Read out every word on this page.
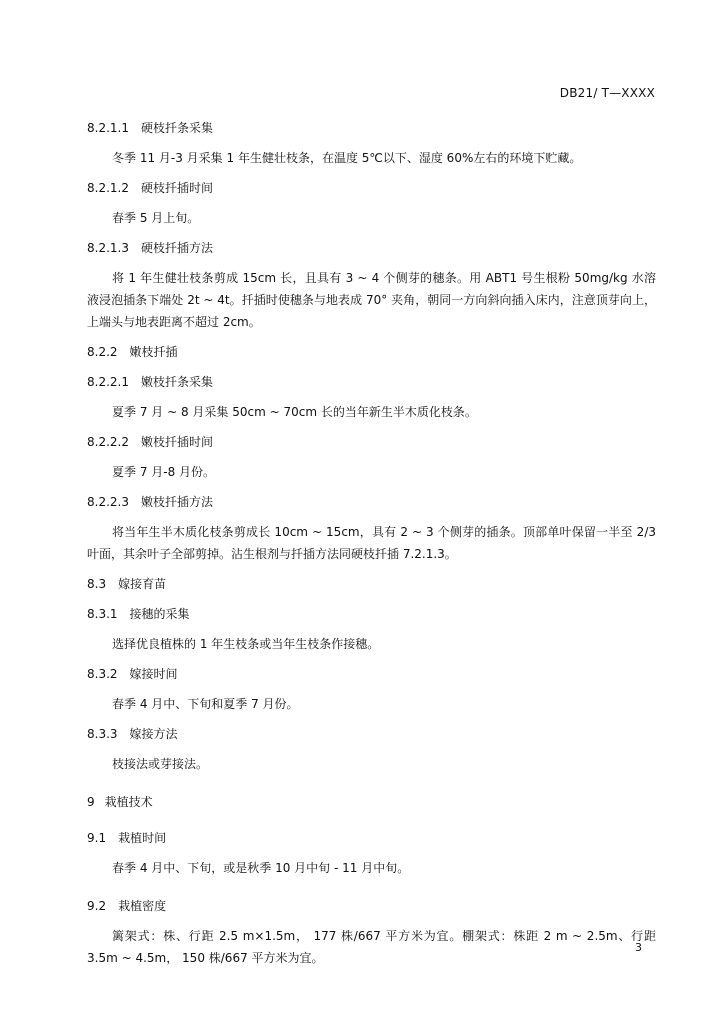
DB21/ T—XXXX
8.2.1.1 硬枝扦条采集

冬季 11 月-3 月采集 1 年生健壮枝条，在温度 5℃以下、湿度 60%左右的环境下贮藏。

8.2.1.2 硬枝扦插时间

春季 5 月上旬。

8.2.1.3 硬枝扦插方法

将 1 年生健壮枝条剪成 15cm 长，且具有 3 ~ 4 个侧芽的穗条。用 ABT1 号生根粉 50mg/kg 水溶液浸泡插条下端处 2t ~ 4t。扦插时使穗条与地表成 70° 夹角，朝同一方向斜向插入床内，注意顶芽向上，上端头与地表距离不超过 2cm。

8.2.2 嫩枝扦插
8.2.2.1 嫩枝扦条采集

夏季 7 月 ~ 8 月采集 50cm ~ 70cm 长的当年新生半木质化枝条。

8.2.2.2 嫩枝扦插时间

夏季 7 月-8 月份。

8.2.2.3 嫩枝扦插方法

将当年生半木质化枝条剪成长 10cm ~ 15cm，具有 2 ~ 3 个侧芽的插条。顶部单叶保留一半至 2/3 叶面，其余叶子全部剪掉。沾生根剂与扦插方法同硬枝扦插 7.2.1.3。

8.3 嫁接育苗
8.3.1 接穗的采集

选择优良植株的 1 年生枝条或当年生枝条作接穗。

8.3.2 嫁接时间

春季 4 月中、下旬和夏季 7 月份。

8.3.3 嫁接方法

枝接法或芽接法。

9 栽植技术
9.1 栽植时间

春季 4 月中、下旬，或是秋季 10 月中旬 - 11 月中旬。

9.2 栽植密度

篱架式：株、行距 2.5 m×1.5m， 177 株/667 平方米为宜。棚架式：株距 2 m ~ 2.5m、行距 3.5m ~ 4.5m， 150 株/667 平方米为宜。

3
